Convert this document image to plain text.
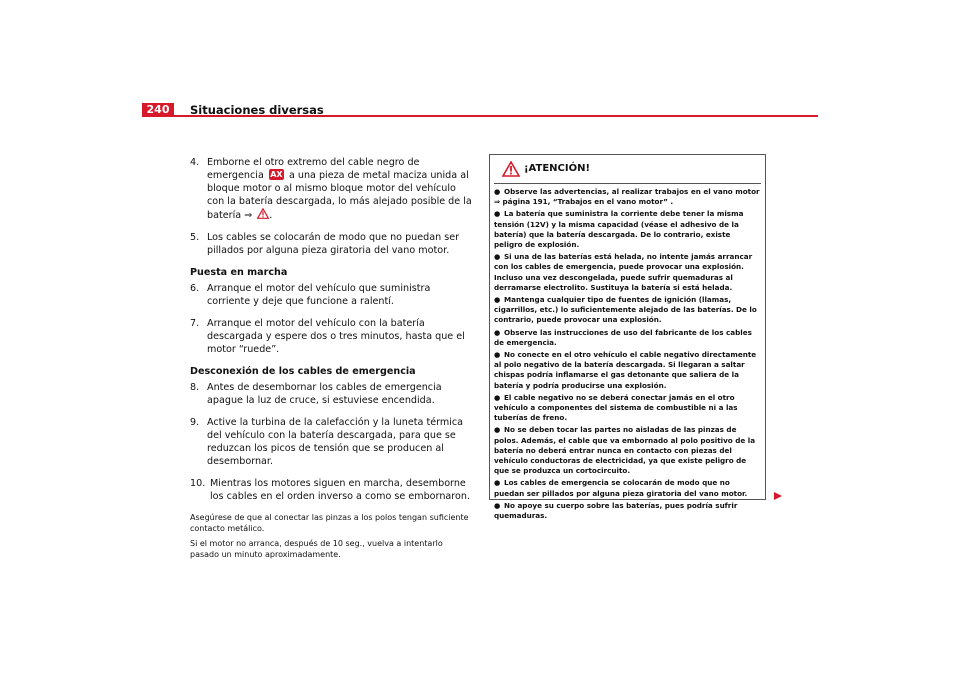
240	Situaciones diversas
4. Emborne el otro extremo del cable negro de emergencia AX a una pieza de metal maciza unida al bloque motor o al mismo bloque motor del vehículo con la batería descargada, lo más alejado posible de la batería ⇒ .
5. Los cables se colocarán de modo que no puedan ser pillados por alguna pieza giratoria del vano motor.
Puesta en marcha
6. Arranque el motor del vehículo que suministra corriente y deje que funcione a ralentí.
7. Arranque el motor del vehículo con la batería descargada y espere dos o tres minutos, hasta que el motor “ruede”.
Desconexión de los cables de emergencia
8. Antes de desembornar los cables de emergencia apague la luz de cruce, si estuviese encendida.
9. Active la turbina de la calefacción y la luneta térmica del vehículo con la batería descargada, para que se reduzcan los picos de tensión que se producen al desembornar.
10. Mientras los motores siguen en marcha, desemborne los cables en el orden inverso a como se embornaron.

Asegúrese de que al conectar las pinzas a los polos tengan suficiente contacto metálico.

Si el motor no arranca, después de 10 seg., vuelva a intentarlo pasado un minuto aproximadamente.

¡ATENCIÓN!
● Observe las advertencias, al realizar trabajos en el vano motor ⇒ página 191, “Trabajos en el vano motor” .
● La batería que suministra la corriente debe tener la misma tensión (12V) y la misma capacidad (véase el adhesivo de la batería) que la batería descargada. De lo contrario, existe peligro de explosión.
● Si una de las baterías está helada, no intente jamás arrancar con los cables de emergencia, puede provocar una explosión. Incluso una vez descongelada, puede sufrir quemaduras al derramarse electrolito. Sustituya la batería si está helada.
● Mantenga cualquier tipo de fuentes de ignición (llamas, cigarrillos, etc.) lo suficientemente alejado de las baterías. De lo contrario, puede provocar una explosión.
● Observe las instrucciones de uso del fabricante de los cables de emergencia.
● No conecte en el otro vehículo el cable negativo directamente al polo negativo de la batería descargada. Si llegaran a saltar chispas podría inflamarse el gas detonante que saliera de la batería y podría producirse una explosión.
● El cable negativo no se deberá conectar jamás en el otro vehículo a componentes del sistema de combustible ni a las tuberías de freno.
● No se deben tocar las partes no aisladas de las pinzas de polos. Además, el cable que va embornado al polo positivo de la batería no deberá entrar nunca en contacto con piezas del vehículo conductoras de electricidad, ya que existe peligro de que se produzca un cortocircuito.
● Los cables de emergencia se colocarán de modo que no puedan ser pillados por alguna pieza giratoria del vano motor.
● No apoye su cuerpo sobre las baterías, pues podría sufrir quemaduras.
